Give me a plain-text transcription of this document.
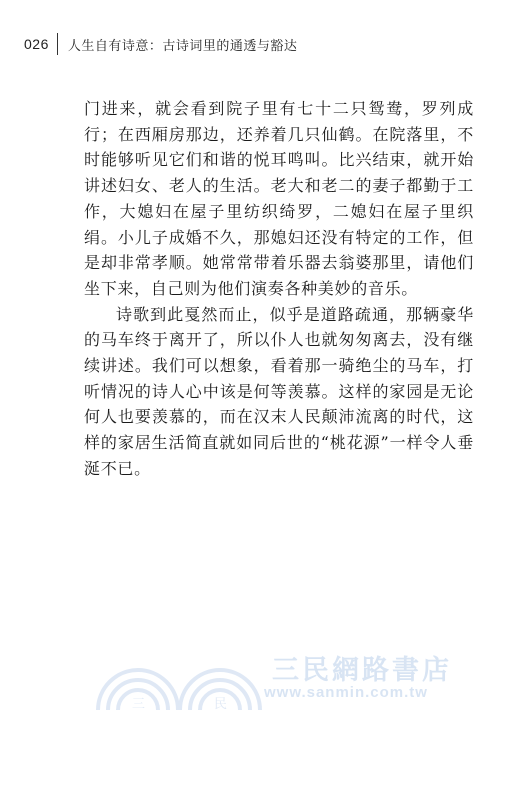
026 人生自有诗意：古诗词里的通透与豁达

门进来，就会看到院子里有七十二只鸳鸯，罗列成行；在西厢房那边，还养着几只仙鹤。在院落里，不时能够听见它们和谐的悦耳鸣叫。比兴结束，就开始讲述妇女、老人的生活。老大和老二的妻子都勤于工作，大媳妇在屋子里纺织绮罗，二媳妇在屋子里织绢。小儿子成婚不久，那媳妇还没有特定的工作，但是却非常孝顺。她常常带着乐器去翁婆那里，请他们坐下来，自己则为他们演奏各种美妙的音乐。

诗歌到此戛然而止，似乎是道路疏通，那辆豪华的马车终于离开了，所以仆人也就匆匆离去，没有继续讲述。我们可以想象，看着那一骑绝尘的马车，打听情况的诗人心中该是何等羡慕。这样的家园是无论何人也要羡慕的，而在汉末人民颠沛流离的时代，这样的家居生活简直就如同后世的“桃花源”一样令人垂涎不已。

三	民
三民網路書店
www.sanmin.com.tw
